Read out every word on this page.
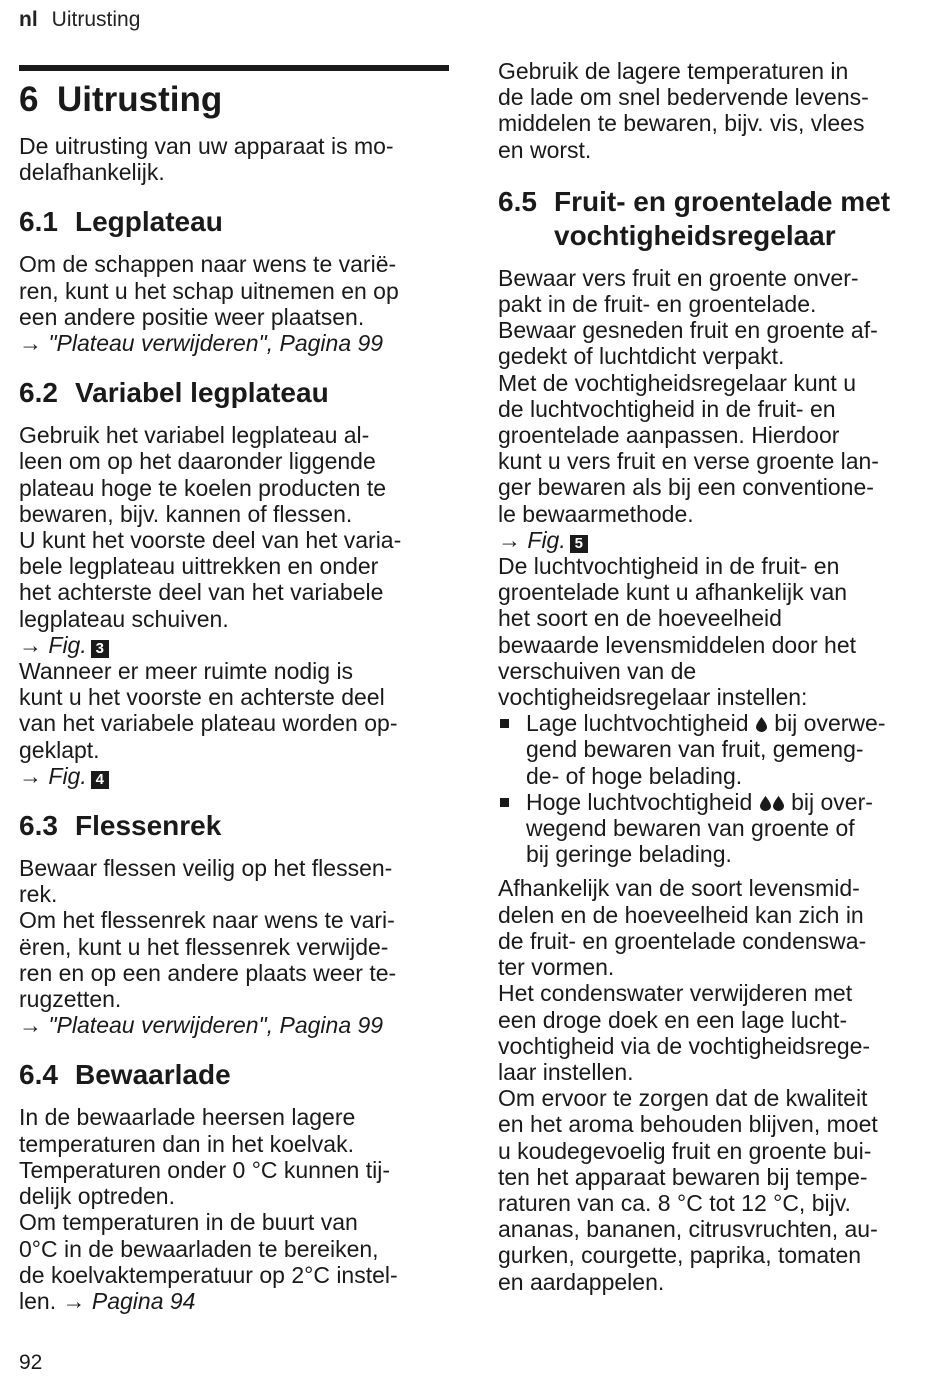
nl Uitrusting
6 Uitrusting

De uitrusting van uw apparaat is mo-

delafhankelijk.

6.1 Legplateau

Om de schappen naar wens te variё-

ren, kunt u het schap uitnemen en op

een andere positie weer plaatsen.

→ "Plateau verwijderen", Pagina 99

6.2 Variabel legplateau

Gebruik het variabel legplateau al-

leen om op het daaronder liggende

plateau hoge te koelen producten te

bewaren, bijv. kannen of flessen.

U kunt het voorste deel van het varia-

bele legplateau uittrekken en onder

het achterste deel van het variabele

legplateau schuiven.

→ Fig. 3

Wanneer er meer ruimte nodig is

kunt u het voorste en achterste deel

van het variabele plateau worden op-

geklapt.

→ Fig. 4

6.3 Flessenrek

Bewaar flessen veilig op het flessen-

rek.

Om het flessenrek naar wens te vari-

ёren, kunt u het flessenrek verwijde-

ren en op een andere plaats weer te-

rugzetten.

→ "Plateau verwijderen", Pagina 99

6.4 Bewaarlade

In de bewaarlade heersen lagere

temperaturen dan in het koelvak.

Temperaturen onder 0 °C kunnen tij-

delijk optreden.

Om temperaturen in de buurt van

0°C in de bewaarladen te bereiken,

de koelvaktemperatuur op 2°C instel-

len. → Pagina 94

Gebruik de lagere temperaturen in

de lade om snel bedervende levens-

middelen te bewaren, bijv. vis, vlees

en worst.

6.5 Fruit- en groentelade met
vochtigheidsregelaar

Bewaar vers fruit en groente onver-

pakt in de fruit- en groentelade.

Bewaar gesneden fruit en groente af-

gedekt of luchtdicht verpakt.

Met de vochtigheidsregelaar kunt u

de luchtvochtigheid in de fruit- en

groentelade aanpassen. Hierdoor

kunt u vers fruit en verse groente lan-

ger bewaren als bij een conventione-

le bewaarmethode.

→ Fig. 5

De luchtvochtigheid in de fruit- en

groentelade kunt u afhankelijk van

het soort en de hoeveelheid

bewaarde levensmiddelen door het

verschuiven van de

vochtigheidsregelaar instellen:

Lage luchtvochtigheid bij overwe-
gend bewaren van fruit, gemeng-
de- of hoge belading.
Hoge luchtvochtigheid bij over-
wegend bewaren van groente of
bij geringe belading.

Afhankelijk van de soort levensmid-

delen en de hoeveelheid kan zich in

de fruit- en groentelade condenswa-

ter vormen.

Het condenswater verwijderen met

een droge doek en een lage lucht-

vochtigheid via de vochtigheidsrege-

laar instellen.

Om ervoor te zorgen dat de kwaliteit

en het aroma behouden blijven, moet

u koudegevoelig fruit en groente bui-

ten het apparaat bewaren bij tempe-

raturen van ca. 8 °C tot 12 °C, bijv.

ananas, bananen, citrusvruchten, au-

gurken, courgette, paprika, tomaten

en aardappelen.

92
